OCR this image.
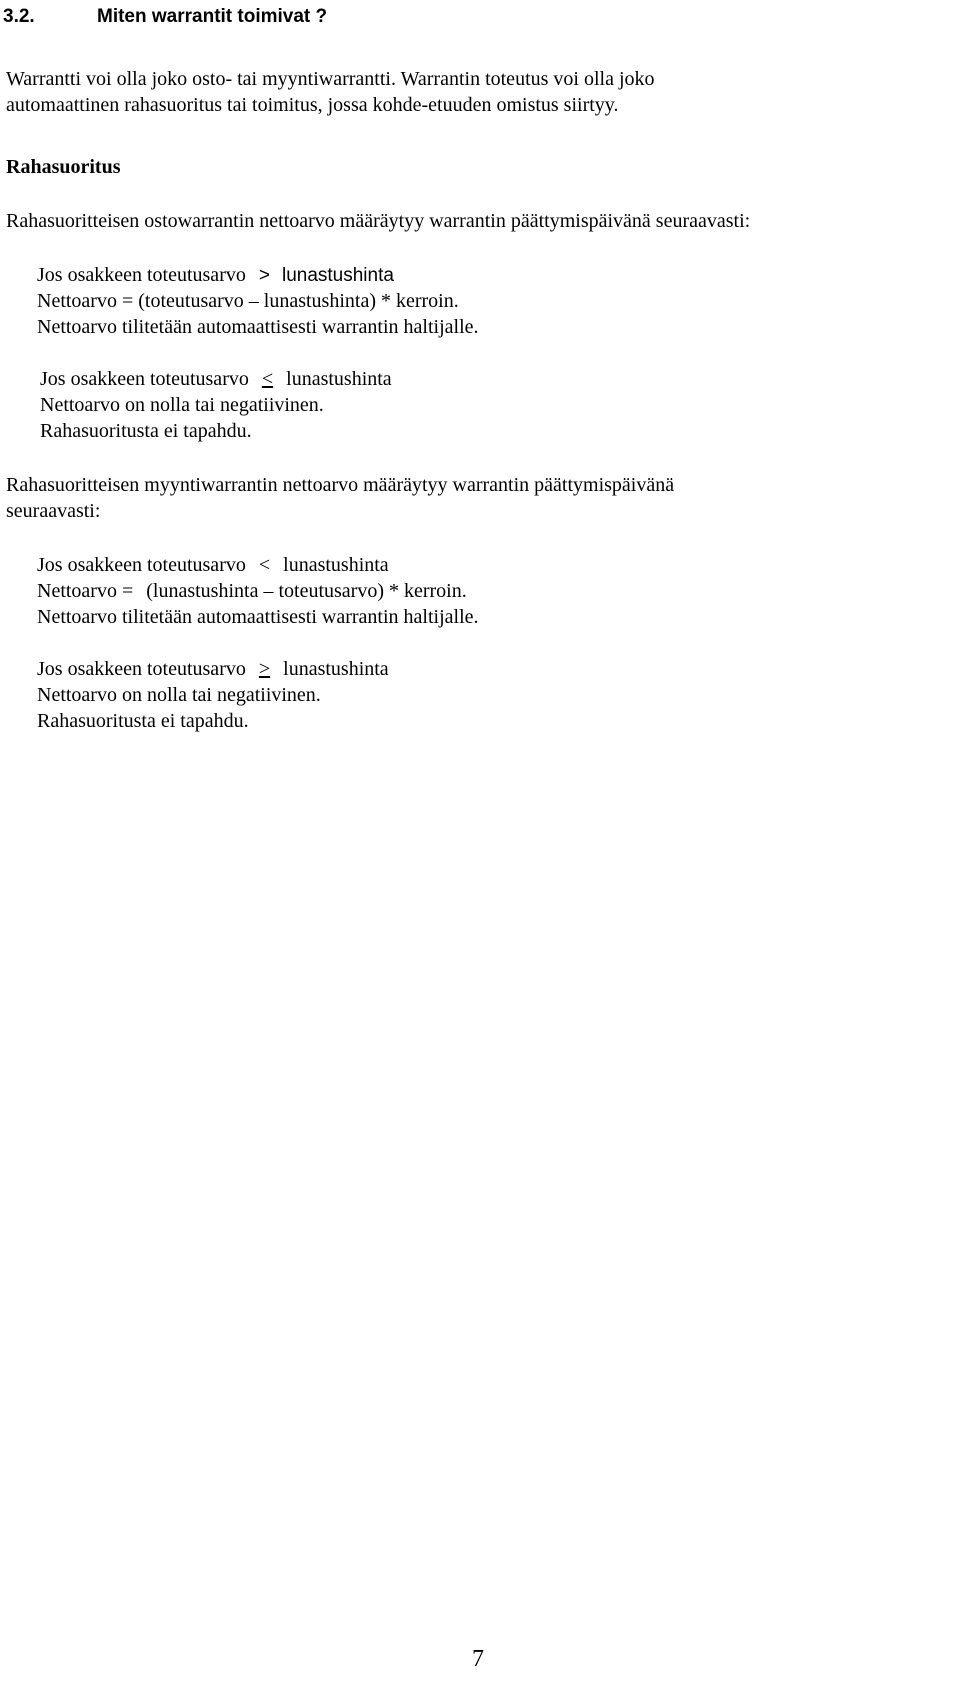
3.2.	Miten warrantit toimivat ?
Warrantti voi olla joko osto- tai myyntiwarrantti. Warrantin toteutus voi olla joko
automaattinen rahasuoritus tai toimitus, jossa kohde-etuuden omistus siirtyy.
Rahasuoritus
Rahasuoritteisen ostowarrantin nettoarvo määräytyy warrantin päättymispäivänä seuraavasti:
Jos osakkeen toteutusarvo > lunastushinta
Nettoarvo = (toteutusarvo – lunastushinta) * kerroin.
Nettoarvo tilitetään automaattisesti warrantin haltijalle.
Jos osakkeen toteutusarvo < lunastushinta
Nettoarvo on nolla tai negatiivinen.
Rahasuoritusta ei tapahdu.
Rahasuoritteisen myyntiwarrantin nettoarvo määräytyy warrantin päättymispäivänä
seuraavasti:
Jos osakkeen toteutusarvo < lunastushinta
Nettoarvo = (lunastushinta – toteutusarvo) * kerroin.
Nettoarvo tilitetään automaattisesti warrantin haltijalle.
Jos osakkeen toteutusarvo > lunastushinta
Nettoarvo on nolla tai negatiivinen.
Rahasuoritusta ei tapahdu.
7
